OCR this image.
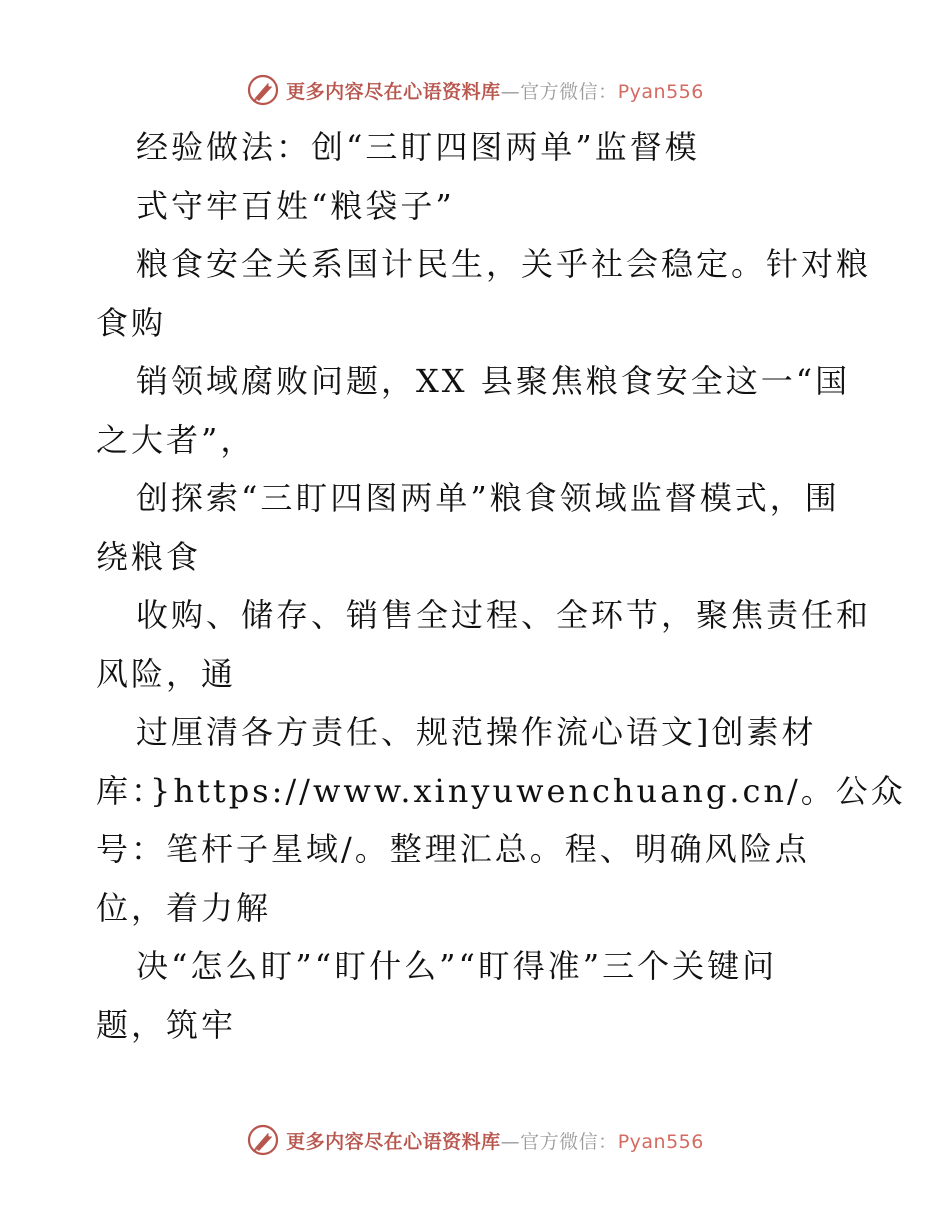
更多内容尽在心语资料库—官方微信：Pyan556
经验做法：创“三盯四图两单”监督模
式守牢百姓“粮袋子”
粮食安全关系国计民生，关乎社会稳定。针对粮
食购
销领域腐败问题，XX 县聚焦粮食安全这一“国
之大者”，
创探索“三盯四图两单”粮食领域监督模式，围
绕粮食
收购、储存、销售全过程、全环节，聚焦责任和
风险，通
过厘清各方责任、规范操作流心语文]创素材
库：}https://www.xinyuwenchuang.cn/。公众
号：笔杆子星域/。整理汇总。程、明确风险点
位，着力解
决“怎么盯”“盯什么”“盯得准”三个关键问
题，筑牢
更多内容尽在心语资料库—官方微信：Pyan556
